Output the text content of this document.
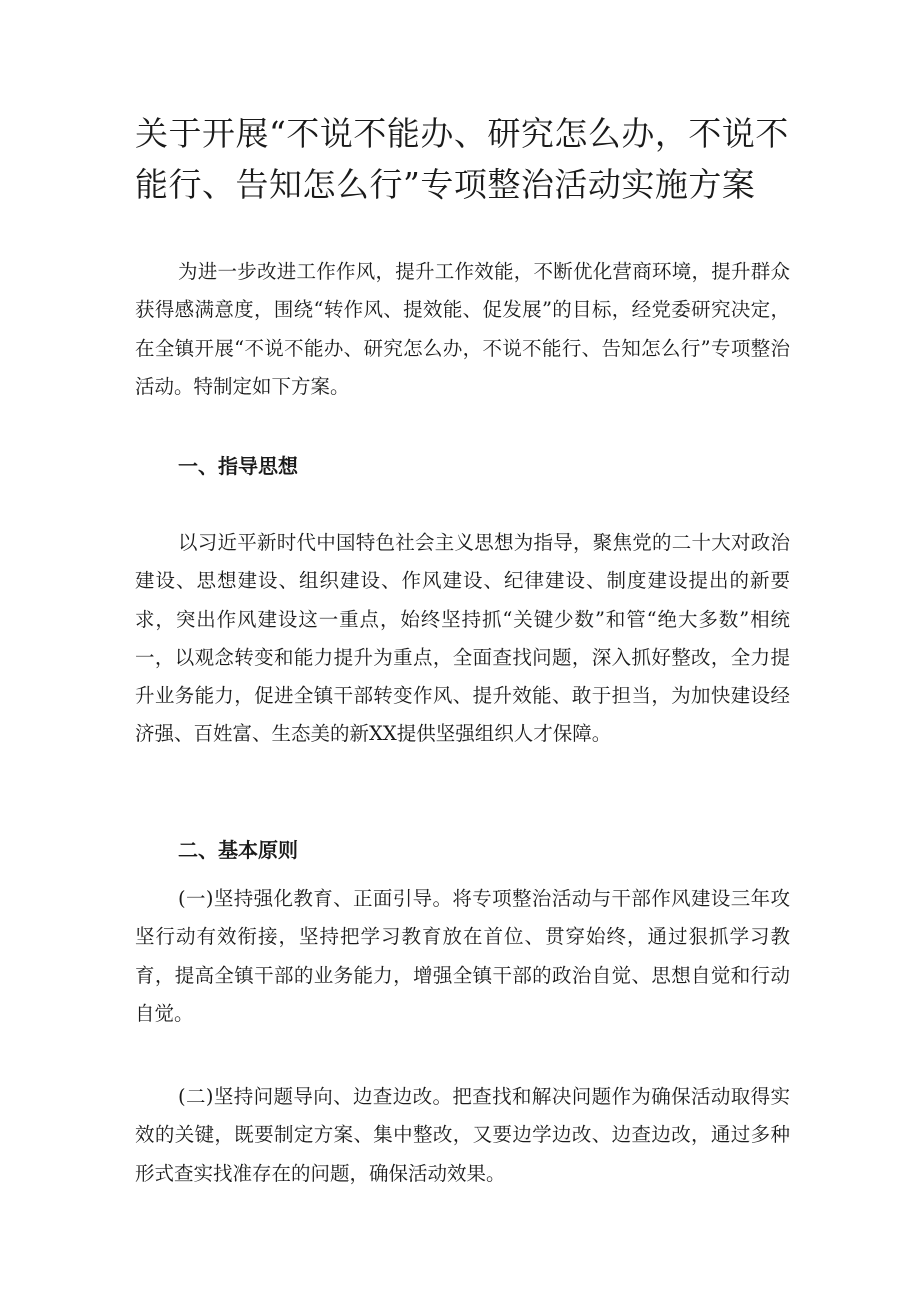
关于开展“不说不能办、研究怎么办，不说不能行、告知怎么行”专项整治活动实施方案

为进一步改进工作作风，提升工作效能，不断优化营商环境，提升群众获得感满意度，围绕“转作风、提效能、促发展”的目标，经党委研究决定，在全镇开展“不说不能办、研究怎么办，不说不能行、告知怎么行”专项整治活动。特制定如下方案。

一、指导思想

以习近平新时代中国特色社会主义思想为指导，聚焦党的二十大对政治建设、思想建设、组织建设、作风建设、纪律建设、制度建设提出的新要求，突出作风建设这一重点，始终坚持抓“关键少数”和管“绝大多数”相统一，以观念转变和能力提升为重点，全面查找问题，深入抓好整改，全力提升业务能力，促进全镇干部转变作风、提升效能、敢于担当，为加快建设经济强、百姓富、生态美的新XX提供坚强组织人才保障。

二、基本原则

(一)坚持强化教育、正面引导。将专项整治活动与干部作风建设三年攻坚行动有效衔接，坚持把学习教育放在首位、贯穿始终，通过狠抓学习教育，提高全镇干部的业务能力，增强全镇干部的政治自觉、思想自觉和行动自觉。

(二)坚持问题导向、边查边改。把查找和解决问题作为确保活动取得实效的关键，既要制定方案、集中整改，又要边学边改、边查边改，通过多种形式查实找准存在的问题，确保活动效果。
